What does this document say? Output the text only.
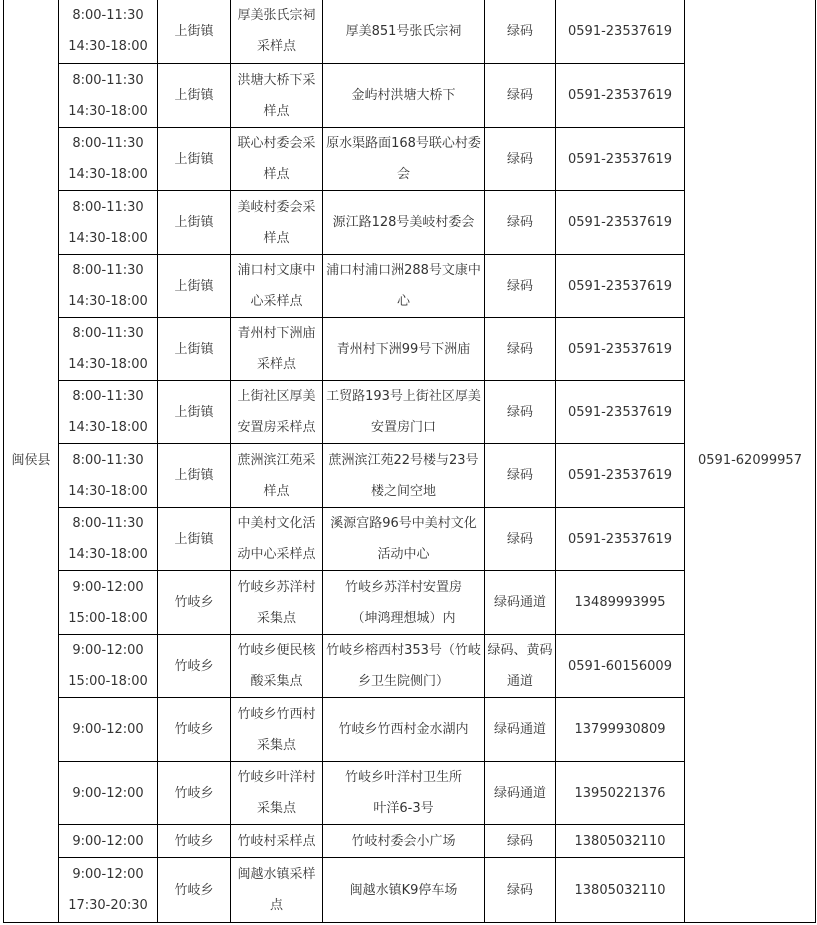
闽侯县	8:00-11:30
14:30-18:00	上街镇	厚美张氏宗祠
采样点	厚美851号张氏宗祠	绿码	0591-23537619	0591-62099957

	8:00-11:30
14:30-18:00	上街镇	洪塘大桥下采
样点	金屿村洪塘大桥下	绿码	0591-23537619	

	8:00-11:30
14:30-18:00	上街镇	联心村委会采
样点	原水渠路面168号联心村委
会	绿码	0591-23537619	

	8:00-11:30
14:30-18:00	上街镇	美岐村委会采
样点	源江路128号美岐村委会	绿码	0591-23537619	

	8:00-11:30
14:30-18:00	上街镇	浦口村文康中
心采样点	浦口村浦口洲288号文康中
心	绿码	0591-23537619	

	8:00-11:30
14:30-18:00	上街镇	青州村下洲庙
采样点	青州村下洲99号下洲庙	绿码	0591-23537619	

	8:00-11:30
14:30-18:00	上街镇	上街社区厚美
安置房采样点	工贸路193号上街社区厚美
安置房门口	绿码	0591-23537619	

	8:00-11:30
14:30-18:00	上街镇	蔗洲滨江苑采
样点	蔗洲滨江苑22号楼与23号
楼之间空地	绿码	0591-23537619	

	8:00-11:30
14:30-18:00	上街镇	中美村文化活
动中心采样点	溪源宫路96号中美村文化
活动中心	绿码	0591-23537619	

	9:00-12:00
15:00-18:00	竹岐乡	竹岐乡苏洋村
采集点	竹岐乡苏洋村安置房
（坤鸿理想城）内	绿码通道	13489993995	

	9:00-12:00
15:00-18:00	竹岐乡	竹岐乡便民核
酸采集点	竹岐乡榕西村353号（竹岐
乡卫生院侧门）	绿码、黄码
通道	0591-60156009	

	9:00-12:00	竹岐乡	竹岐乡竹西村
采集点	竹岐乡竹西村金水湖内	绿码通道	13799930809	

	9:00-12:00	竹岐乡	竹岐乡叶洋村
采集点	竹岐乡叶洋村卫生所
叶洋6-3号	绿码通道	13950221376	

	9:00-12:00	竹岐乡	竹岐村采样点	竹岐村委会小广场	绿码	13805032110	

	9:00-12:00
17:30-20:30	竹岐乡	闽越水镇采样
点	闽越水镇K9停车场	绿码	13805032110	
